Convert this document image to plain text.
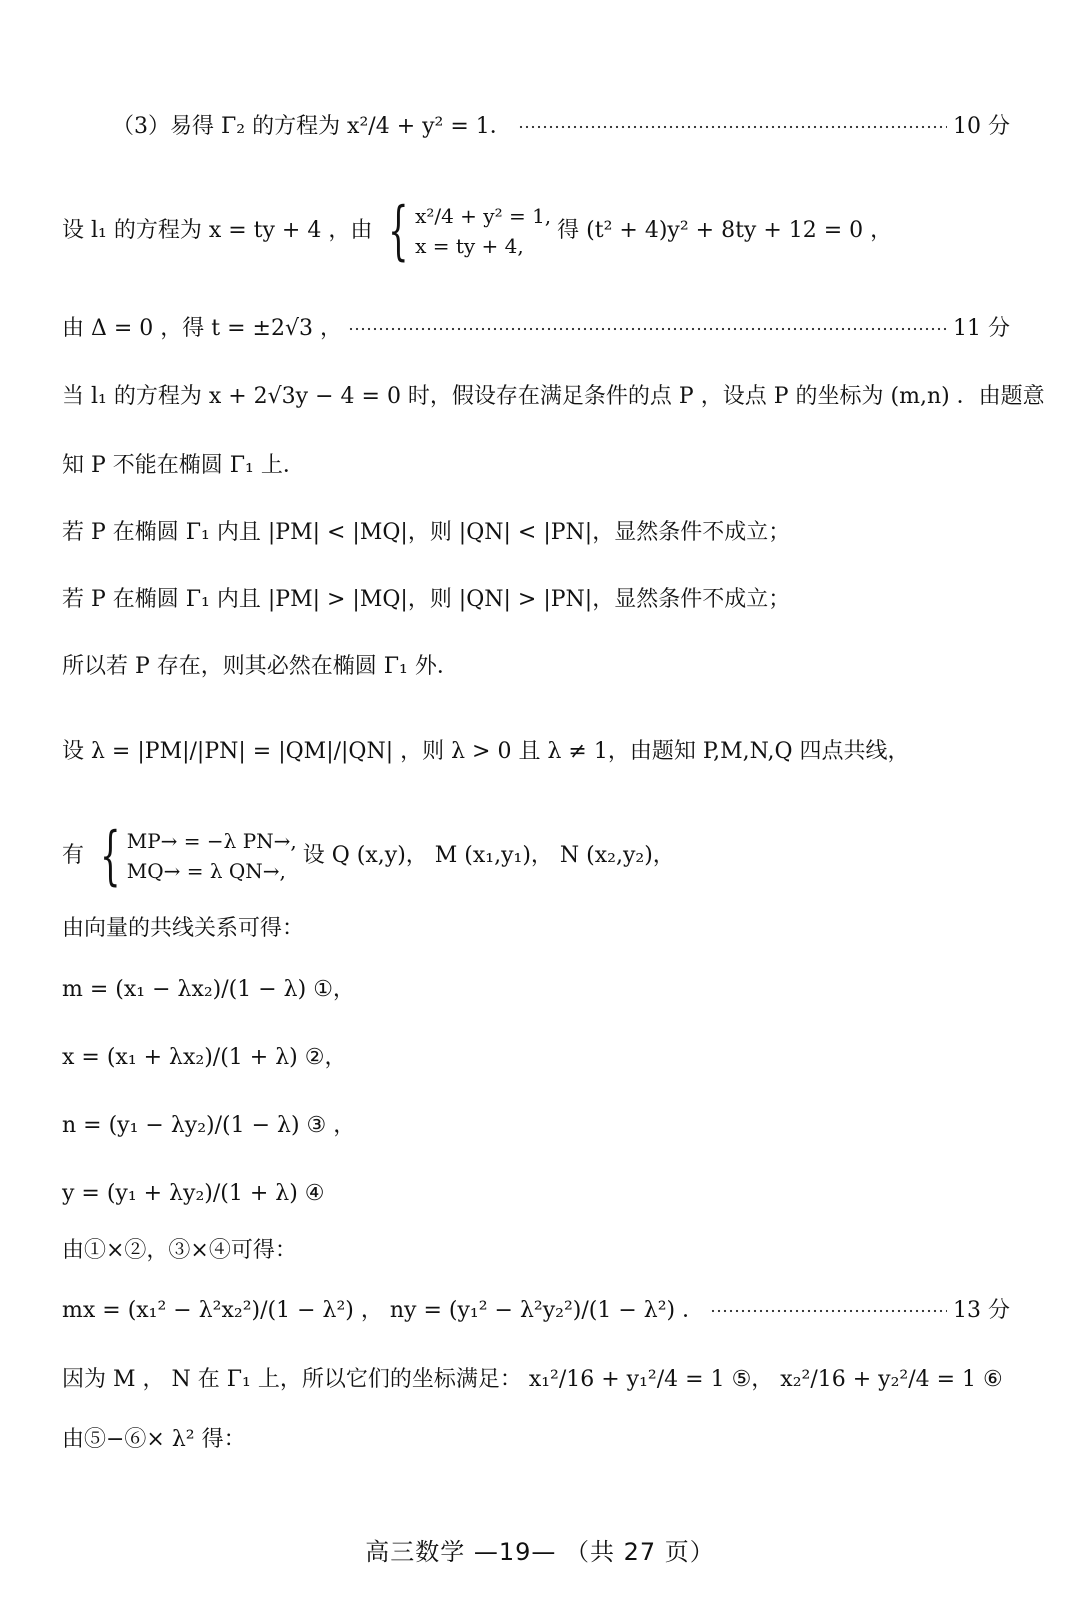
（3）易得 Γ₂ 的方程为 x²/4 + y² = 1．	10 分
设 l₁ 的方程为 x = ty + 4 ，由 { x²/4 + y² = 1,
x = ty + 4,
得 (t² + 4)y² + 8ty + 12 = 0 ，
由 Δ = 0 ，得 t = ±2√3 ，	11 分
当 l₁ 的方程为 x + 2√3y − 4 = 0 时，假设存在满足条件的点 P ，设点 P 的坐标为 (m,n) ．由题意
知 P 不能在椭圆 Γ₁ 上．
若 P 在椭圆 Γ₁ 内且 |PM| < |MQ|，则 |QN| < |PN|，显然条件不成立；
若 P 在椭圆 Γ₁ 内且 |PM| > |MQ|，则 |QN| > |PN|，显然条件不成立；
所以若 P 存在，则其必然在椭圆 Γ₁ 外．
设 λ = |PM|/|PN| = |QM|/|QN| ，则 λ > 0 且 λ ≠ 1，由题知 P,M,N,Q 四点共线，
有 { MP→ = −λ PN→,
MQ→ = λ QN→,
设 Q (x,y)， M (x₁,y₁)， N (x₂,y₂)，
由向量的共线关系可得：
m = (x₁ − λx₂)/(1 − λ) ①，
x = (x₁ + λx₂)/(1 + λ) ②，
n = (y₁ − λy₂)/(1 − λ) ③ ，
y = (y₁ + λy₂)/(1 + λ) ④
由①×②，③×④可得：
mx = (x₁² − λ²x₂²)/(1 − λ²) ， ny = (y₁² − λ²y₂²)/(1 − λ²) ．	13 分
因为 M ， N 在 Γ₁ 上，所以它们的坐标满足： x₁²/16 + y₁²/4 = 1 ⑤， x₂²/16 + y₂²/4 = 1 ⑥
由⑤−⑥× λ² 得：
高三数学 —19— （共 27 页）
